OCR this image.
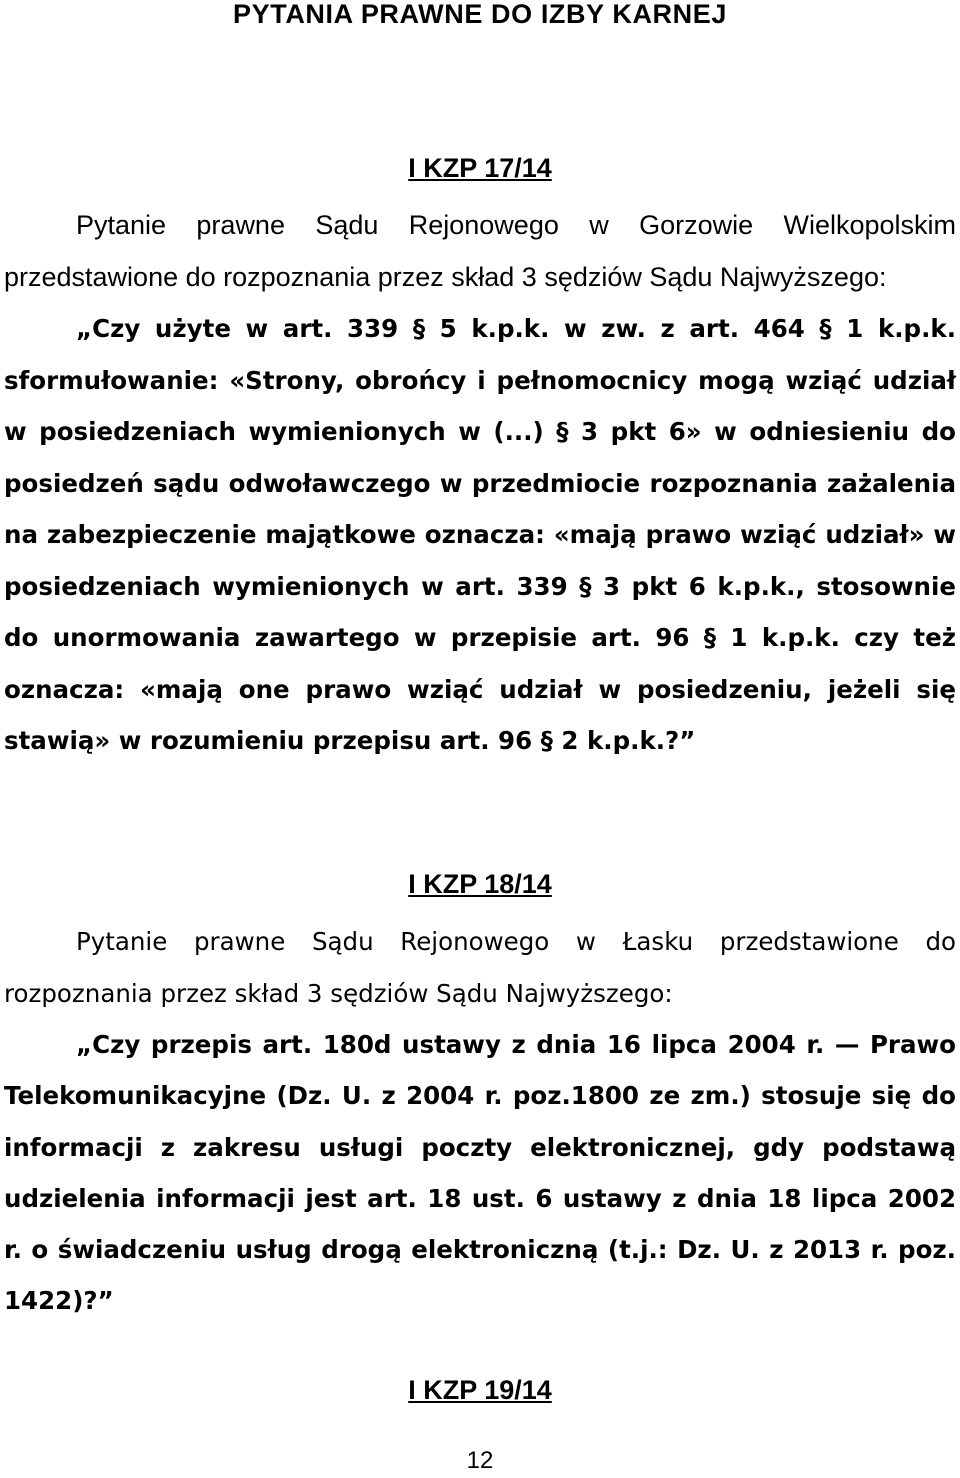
PYTANIA PRAWNE DO IZBY KARNEJ

I KZP 17/14

Pytanie prawne Sądu Rejonowego w Gorzowie Wielkopolskim przedstawione do rozpoznania przez skład 3 sędziów Sądu Najwyższego:

„Czy użyte w art. 339 § 5 k.p.k. w zw. z art. 464 § 1 k.p.k. sformułowanie: «Strony, obrońcy i pełnomocnicy mogą wziąć udział w posiedzeniach wymienionych w (...) § 3 pkt 6» w odniesieniu do posiedzeń sądu odwoławczego w przedmiocie rozpoznania zażalenia na zabezpieczenie majątkowe oznacza: «mają prawo wziąć udział» w posiedzeniach wymienionych w art. 339 § 3 pkt 6 k.p.k., stosownie do unormowania zawartego w przepisie art. 96 § 1 k.p.k. czy też oznacza: «mają one prawo wziąć udział w posiedzeniu, jeżeli się stawią» w rozumieniu przepisu art. 96 § 2 k.p.k.?”

I KZP 18/14

Pytanie prawne Sądu Rejonowego w Łasku przedstawione do rozpoznania przez skład 3 sędziów Sądu Najwyższego:

„Czy przepis art. 180d ustawy z dnia 16 lipca 2004 r. — Prawo Telekomunikacyjne (Dz. U. z 2004 r. poz.1800 ze zm.) stosuje się do informacji z zakresu usługi poczty elektronicznej, gdy podstawą udzielenia informacji jest art. 18 ust. 6 ustawy z dnia 18 lipca 2002 r. o świadczeniu usług drogą elektroniczną (t.j.: Dz. U. z 2013 r. poz. 1422)?”

I KZP 19/14

12
